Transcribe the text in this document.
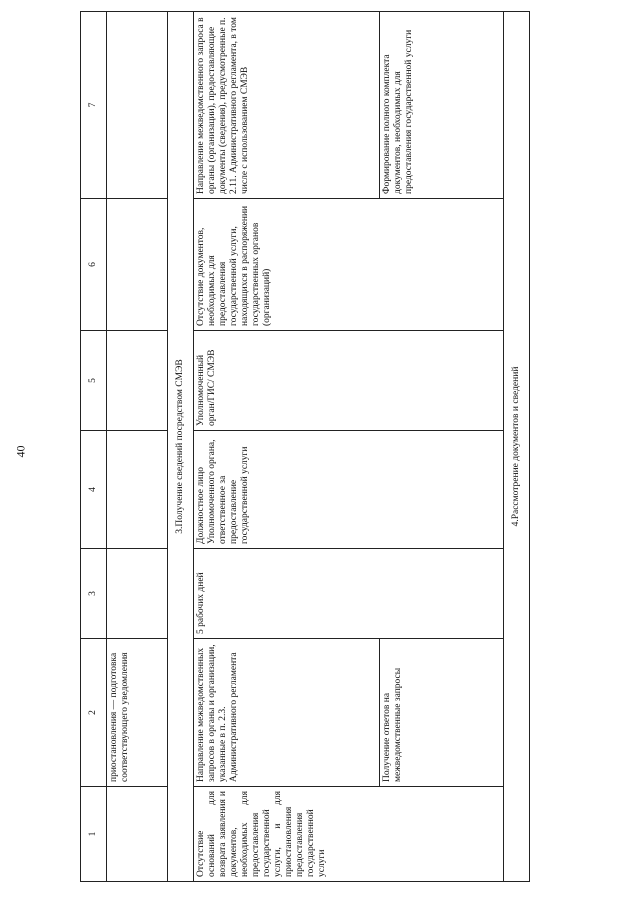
40
1	2	3	4	5	6	7
	приостановления — подготовка соответствующего уведомления					
3.Получение сведений посредством СМЭВ						
Отсутствие оснований для возврата заявления и документов, необходимых для предоставления государственной услуги, и для приостановления предоставления государственной услуги	Направление межведомственных запросов в органы и организации, указанные в п. 2.3. Административного регламента	5 рабочих дней	Должностное лицо Уполномоченного органа, ответственное за предоставление государственной услуги	Уполномоченный орган/ГИС/ СМЭВ	Отсутствие документов, необходимых для предоставления государственной услуги, находящихся в распоряжении государственных органов (организаций)	Направление межведомственного запроса в органы (организации), предоставляющие документы (сведения), предусмотренные п. 2.11. Административного регламента, в том числе с использованием СМЭВ
	Получение ответов на межведомственные запросы					Формирование полного комплекта документов, необходимых для предоставления государственной услуги
4.Рассмотрение документов и сведений						
